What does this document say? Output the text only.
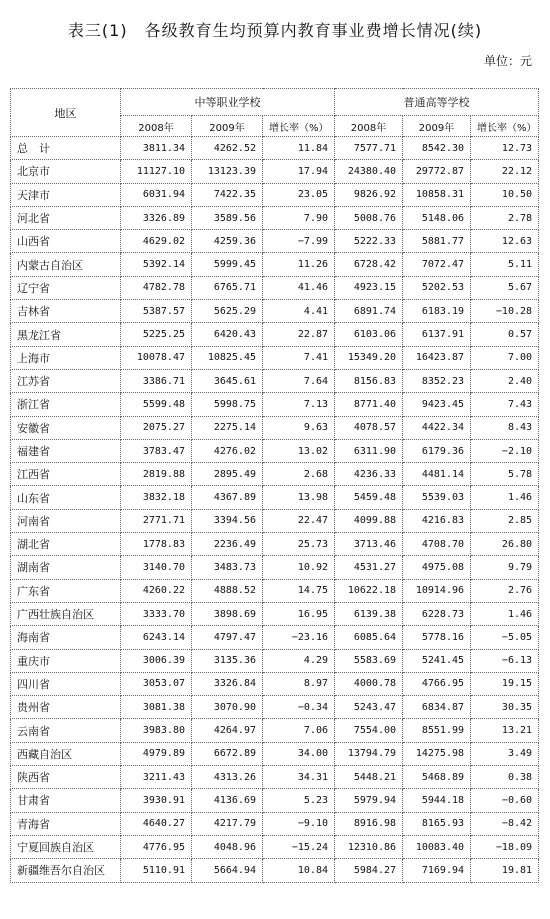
表三(1)　各级教育生均预算内教育事业费增长情况(续)
单位：元
地区	中等职业学校			普通高等学校		
	2008年	2009年	增长率（%）	2008年	2009年	增长率（%）
总　计	3811.34	4262.52	11.84	7577.71	8542.30	12.73
北京市	11127.10	13123.39	17.94	24380.40	29772.87	22.12
天津市	6031.94	7422.35	23.05	9826.92	10858.31	10.50
河北省	3326.89	3589.56	7.90	5008.76	5148.06	2.78
山西省	4629.02	4259.36	−7.99	5222.33	5881.77	12.63
内蒙古自治区	5392.14	5999.45	11.26	6728.42	7072.47	5.11
辽宁省	4782.78	6765.71	41.46	4923.15	5202.53	5.67
吉林省	5387.57	5625.29	4.41	6891.74	6183.19	−10.28
黑龙江省	5225.25	6420.43	22.87	6103.06	6137.91	0.57
上海市	10078.47	10825.45	7.41	15349.20	16423.87	7.00
江苏省	3386.71	3645.61	7.64	8156.83	8352.23	2.40
浙江省	5599.48	5998.75	7.13	8771.40	9423.45	7.43
安徽省	2075.27	2275.14	9.63	4078.57	4422.34	8.43
福建省	3783.47	4276.02	13.02	6311.90	6179.36	−2.10
江西省	2819.88	2895.49	2.68	4236.33	4481.14	5.78
山东省	3832.18	4367.89	13.98	5459.48	5539.03	1.46
河南省	2771.71	3394.56	22.47	4099.88	4216.83	2.85
湖北省	1778.83	2236.49	25.73	3713.46	4708.70	26.80
湖南省	3140.70	3483.73	10.92	4531.27	4975.08	9.79
广东省	4260.22	4888.52	14.75	10622.18	10914.96	2.76
广西壮族自治区	3333.70	3898.69	16.95	6139.38	6228.73	1.46
海南省	6243.14	4797.47	−23.16	6085.64	5778.16	−5.05
重庆市	3006.39	3135.36	4.29	5583.69	5241.45	−6.13
四川省	3053.07	3326.84	8.97	4000.78	4766.95	19.15
贵州省	3081.38	3070.90	−0.34	5243.47	6834.87	30.35
云南省	3983.80	4264.97	7.06	7554.00	8551.99	13.21
西藏自治区	4979.89	6672.89	34.00	13794.79	14275.98	3.49
陕西省	3211.43	4313.26	34.31	5448.21	5468.89	0.38
甘肃省	3930.91	4136.69	5.23	5979.94	5944.18	−0.60
青海省	4640.27	4217.79	−9.10	8916.98	8165.93	−8.42
宁夏回族自治区	4776.95	4048.96	−15.24	12310.86	10083.40	−18.09
新疆维吾尔自治区	5110.91	5664.94	10.84	5984.27	7169.94	19.81
